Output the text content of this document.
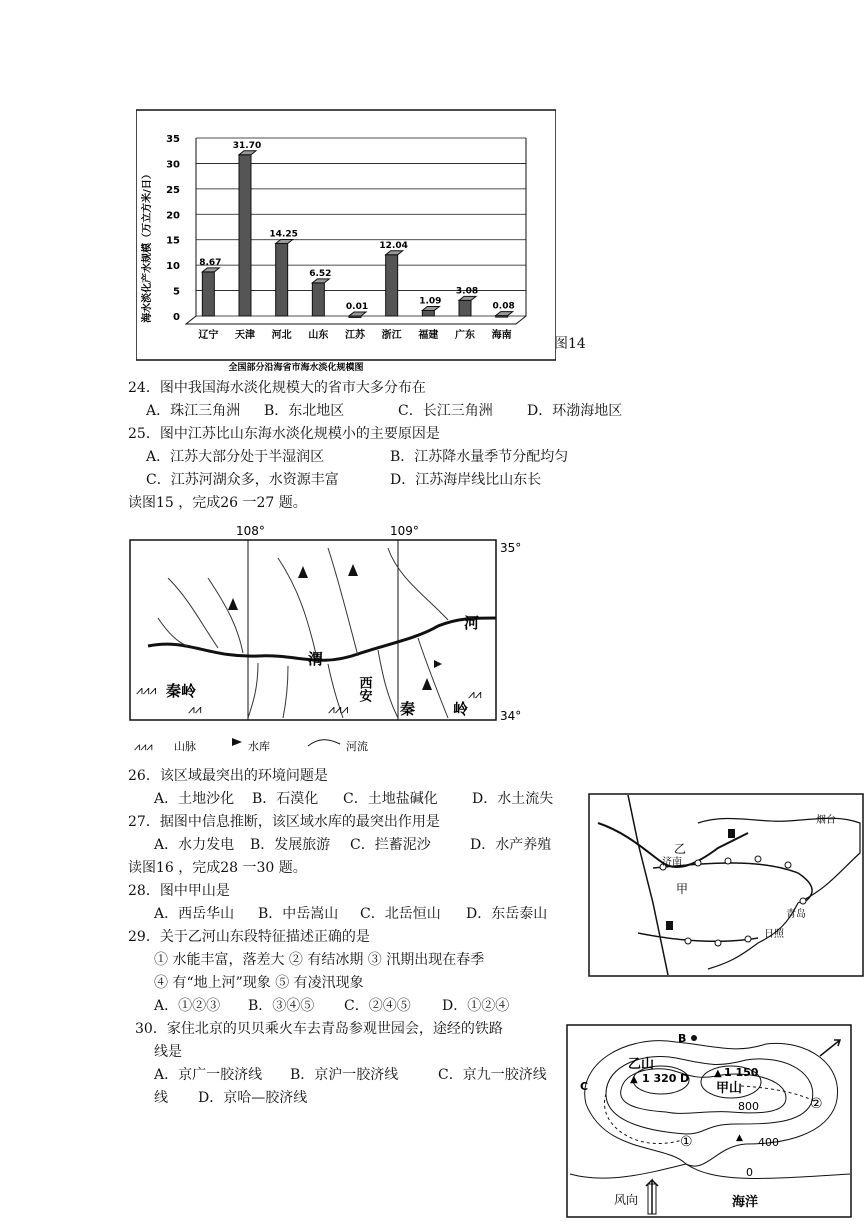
海水淡化产水规模（万立方米/日） 0
5
10
15
20
25
30
35
8.67
31.70
14.25
6.52
0.01
12.04
1.09
3.08
0.08
辽宁 天津 河北 山东 江苏 浙江 福建 广东 海南
全国部分沿海省市海水淡化规模图
图14
24．图中我国海水淡化规模大的省市大多分布在
A．珠江三角洲 B．东北地区	C．长江三角洲 D．环渤海地区
25．图中江苏比山东海水淡化规模小的主要原因是
A．江苏大部分处于半湿润区	B．江苏降水量季节分配均匀
C．江苏河湖众多，水资源丰富	D．江苏海岸线比山东长
读图15 ，完成26 一27 题。
108°	109°
35°
34°
⩘⩘⩘
⩘⩘	⩘⩘⩘
⩘⩘
河
渭
西安
秦岭
秦	岭
⩘⩘⩘ 山脉	水库	河流
26．该区域最突出的环境问题是
A．土地沙化 B．石漠化 C．土地盐碱化 D．水土流失
27．据图中信息推断，该区域水库的最突出作用是
A．水力发电 B．发展旅游 C．拦蓄泥沙	D．水产养殖
读图16 ，完成28 一30 题。
28．图中甲山是
A．西岳华山 B．中岳嵩山 C．北岳恒山 D．东岳泰山
29．关于乙河山东段特征描述正确的是
① 水能丰富，落差大 ② 有结冰期 ③ 汛期出现在春季
④ 有“地上河”现象 ⑤ 有凌汛现象
A．①②③ B．③④⑤ C．②④⑤ D．①②④
30．家住北京的贝贝乘火车去青岛参观世园会，途经的铁路
线是
A．京广一胶济线 B．京沪一胶济线	C．京九一胶济线
线 D．京哈—胶济线
烟台
济南
乙
甲
青岛
日照
B
C
D
乙山
▲ 1 320	▲ 1 150
甲山
800
400
▲
0
①
②
风向	海洋
